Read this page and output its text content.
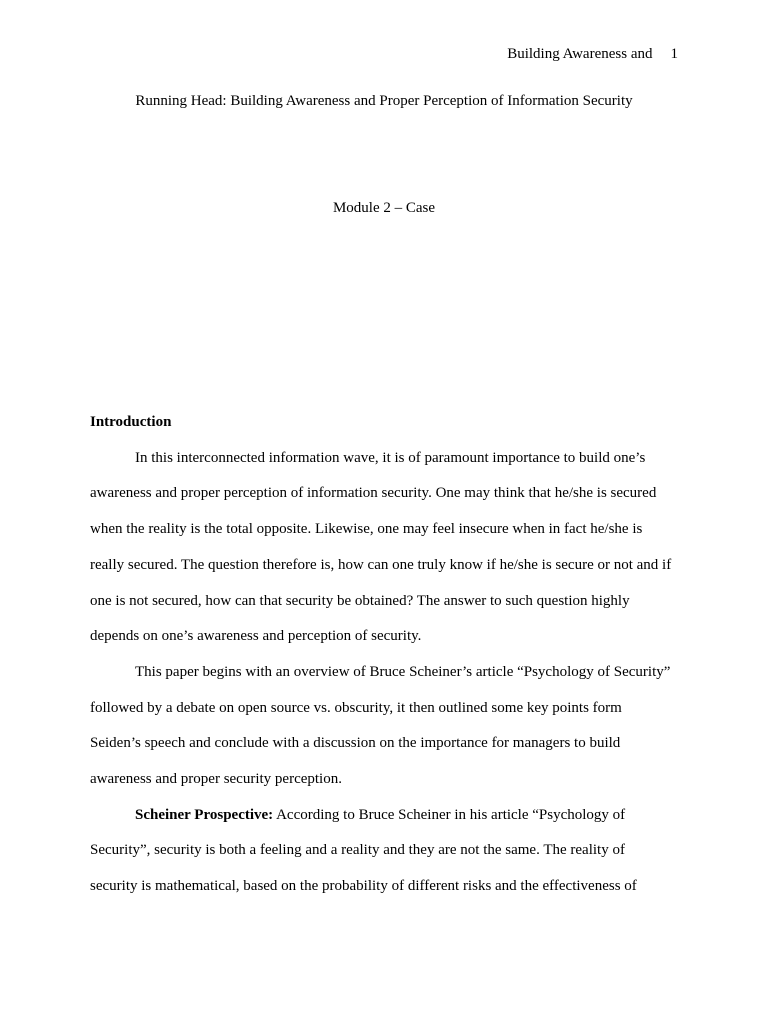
Building Awareness and 1
Running Head: Building Awareness and Proper Perception of Information Security
Module 2 – Case

Introduction

In this interconnected information wave, it is of paramount importance to build one’s
awareness and proper perception of information security. One may think that he/she is secured
when the reality is the total opposite. Likewise, one may feel insecure when in fact he/she is
really secured. The question therefore is, how can one truly know if he/she is secure or not and if
one is not secured, how can that security be obtained? The answer to such question highly
depends on one’s awareness and perception of security.

This paper begins with an overview of Bruce Scheiner’s article “Psychology of Security”
followed by a debate on open source vs. obscurity, it then outlined some key points form
Seiden’s speech and conclude with a discussion on the importance for managers to build
awareness and proper security perception.

Scheiner Prospective: According to Bruce Scheiner in his article “Psychology of
Security”, security is both a feeling and a reality and they are not the same. The reality of
security is mathematical, based on the probability of different risks and the effectiveness of
